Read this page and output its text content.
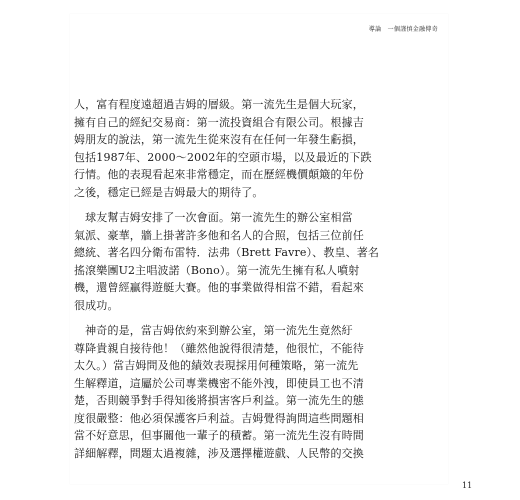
導論 一個謹慎金融傳奇
11

人，富有程度遠超過吉姆的層級。第一流先生是個大玩家，
擁有自己的經紀交易商：第一流投資組合有限公司。根據吉
姆朋友的說法，第一流先生從來沒有在任何一年發生虧損，
包括1987年、2000～2002年的空頭市場，以及最近的下跌
行情。他的表現看起來非常穩定，而在歷經機價顛簸的年份
之後，穩定已經是吉姆最大的期待了。

　球友幫吉姆安排了一次會面。第一流先生的辦公室相當
氣派、豪華，牆上掛著許多他和名人的合照，包括三位前任
總統、著名四分衛布雷特．法弗（Brett Favre）、教皇、著名
搖滾樂團U2主唱波諾（Bono）。第一流先生擁有私人噴射
機，還曾經贏得遊艇大賽。他的事業做得相當不錯，看起來
很成功。

　神奇的是，當吉姆依約來到辦公室，第一流先生竟然紆
尊降貴親自接待他！（雖然他說得很清楚，他很忙，不能待
太久。）當吉姆問及他的績效表現採用何種策略，第一流先
生解釋道，這屬於公司專業機密不能外洩，即使員工也不清
楚，否則競爭對手得知後將損害客戶利益。第一流先生的態
度很嚴整：他必須保護客戶利益。吉姆覺得詢問這些問題相
當不好意思，但事關他一輩子的積蓄。第一流先生沒有時間
詳細解釋，問題太過複雜，涉及選擇權遊戲、人民幣的交換
